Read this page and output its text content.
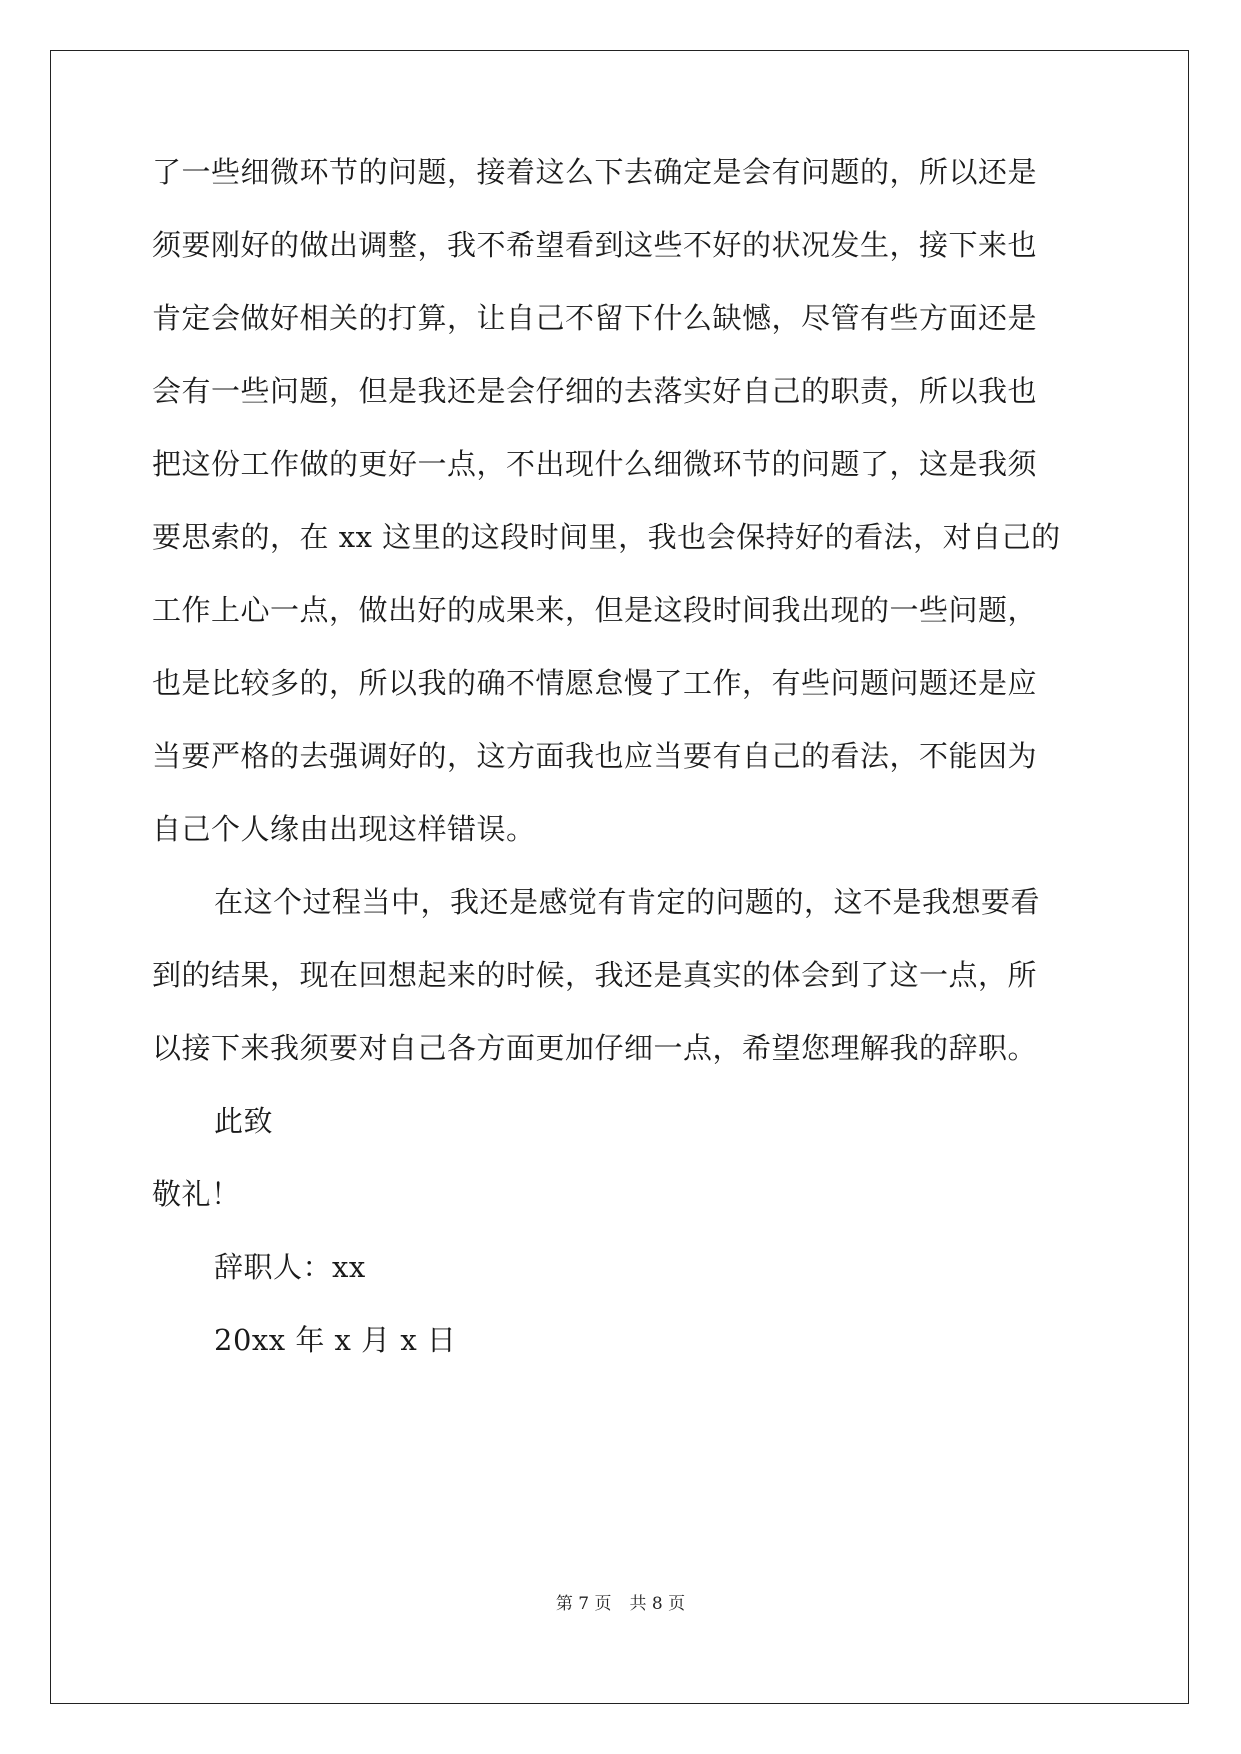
了一些细微环节的问题，接着这么下去确定是会有问题的，所以还是
须要刚好的做出调整，我不希望看到这些不好的状况发生，接下来也
肯定会做好相关的打算，让自己不留下什么缺憾，尽管有些方面还是
会有一些问题，但是我还是会仔细的去落实好自己的职责，所以我也
把这份工作做的更好一点，不出现什么细微环节的问题了，这是我须
要思索的，在 xx 这里的这段时间里，我也会保持好的看法，对自己的
工作上心一点，做出好的成果来，但是这段时间我出现的一些问题，
也是比较多的，所以我的确不情愿怠慢了工作，有些问题问题还是应
当要严格的去强调好的，这方面我也应当要有自己的看法，不能因为
自己个人缘由出现这样错误。
在这个过程当中，我还是感觉有肯定的问题的，这不是我想要看
到的结果，现在回想起来的时候，我还是真实的体会到了这一点，所
以接下来我须要对自己各方面更加仔细一点，希望您理解我的辞职。
此致
敬礼！
辞职人：xx
20xx 年 x 月 x 日
第 7 页 共 8 页
